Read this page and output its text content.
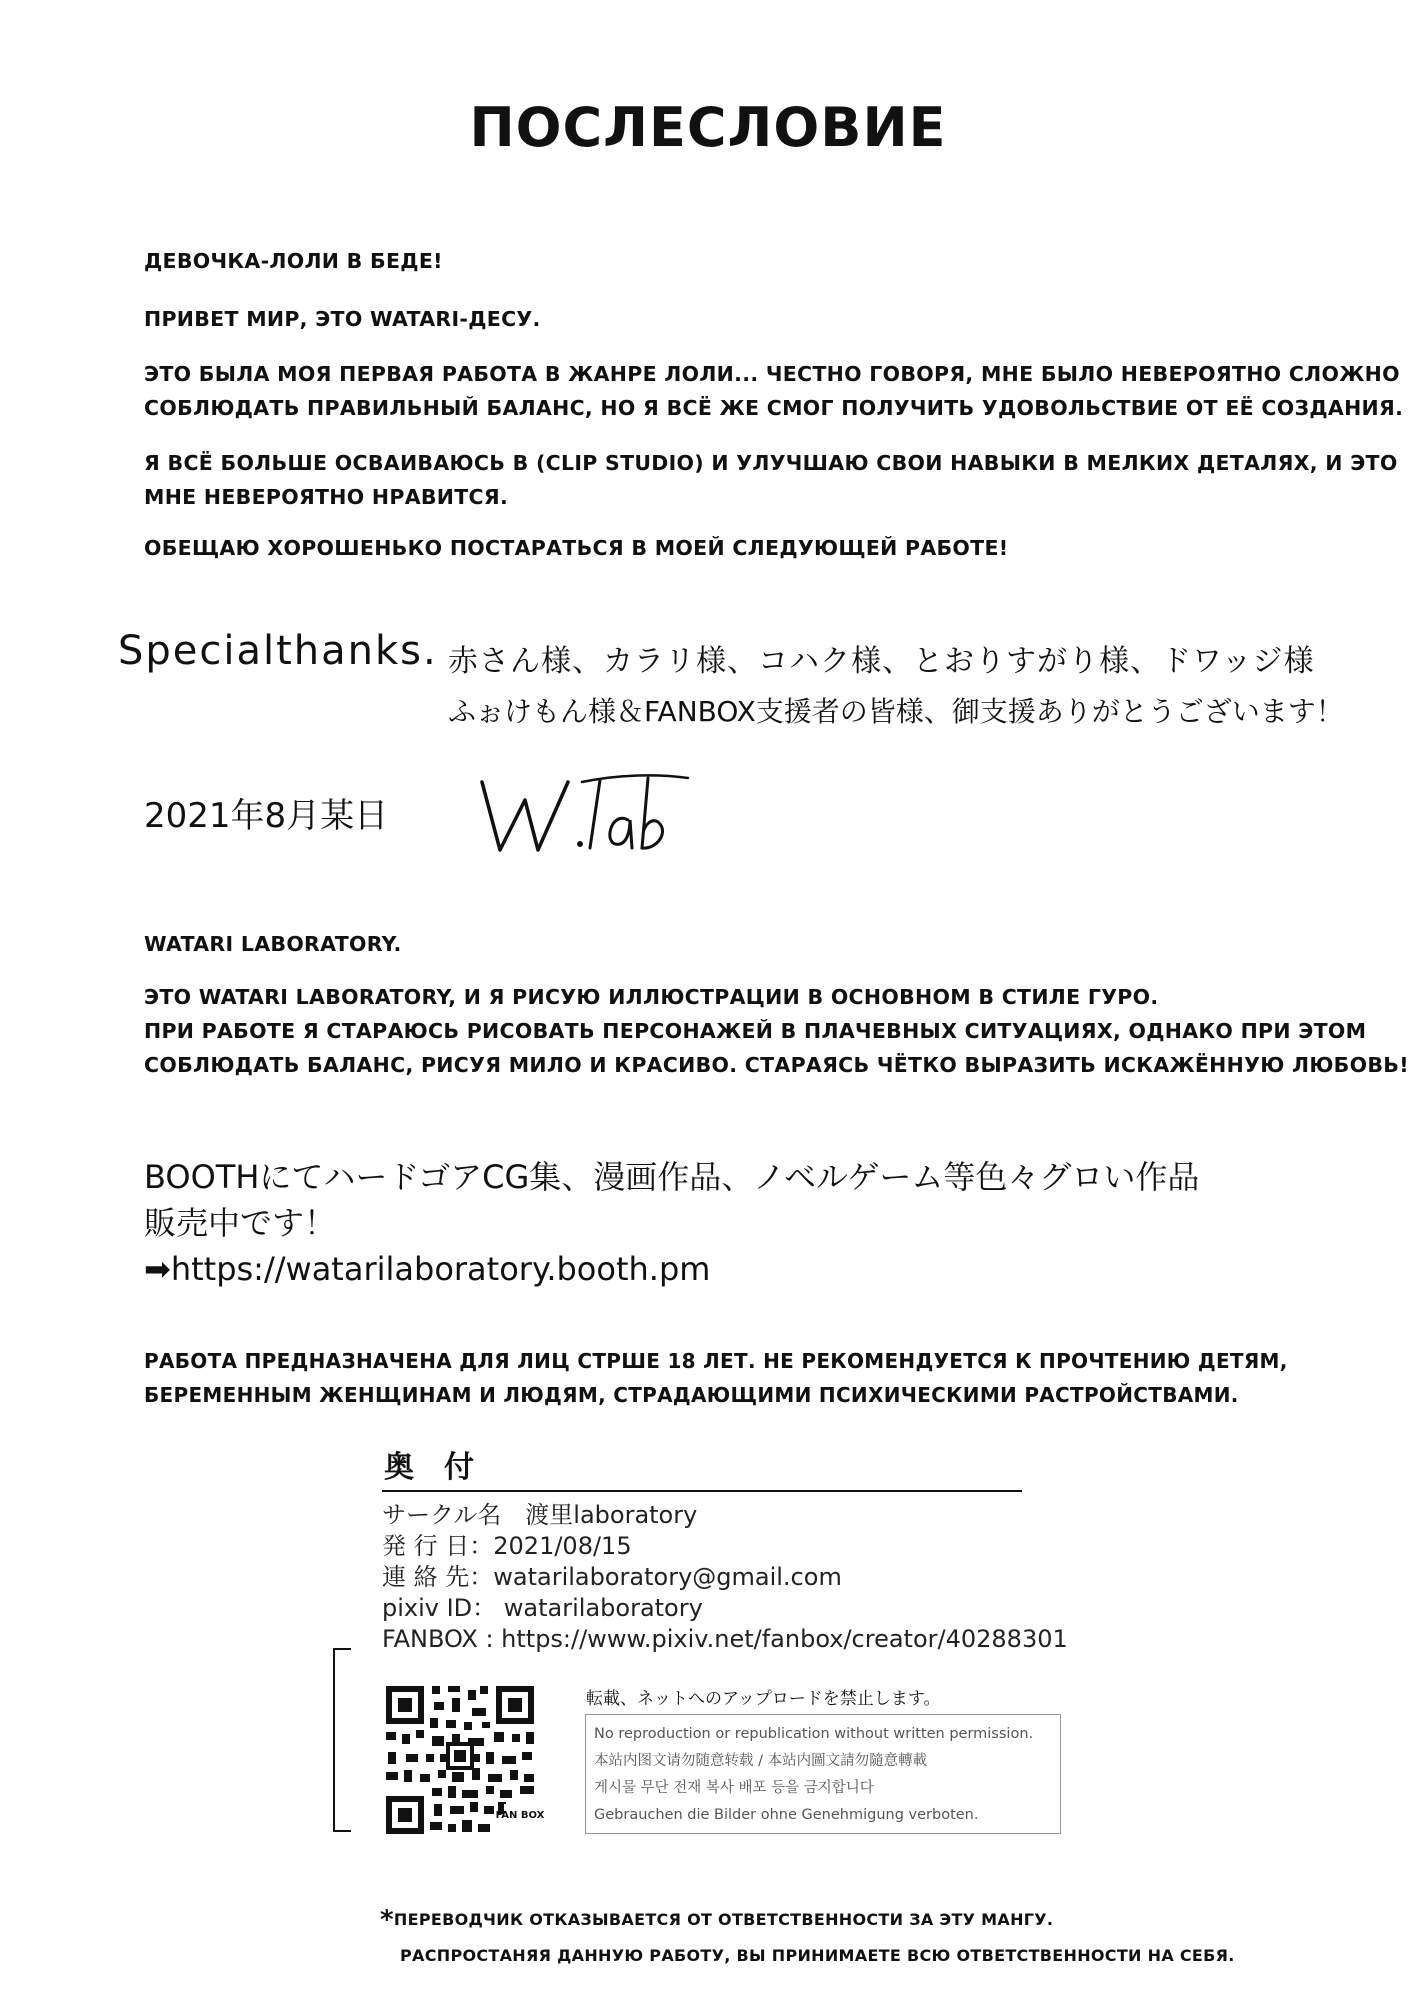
ПОСЛЕСЛОВИЕ
ДЕВОЧКА-ЛОЛИ В БЕДЕ!
ПРИВЕТ МИР, ЭТО WATARI-ДЕСУ.
ЭТО БЫЛА МОЯ ПЕРВАЯ РАБОТА В ЖАНРЕ ЛОЛИ... ЧЕСТНО ГОВОРЯ, МНЕ БЫЛО НЕВЕРОЯТНО СЛОЖНО
СОБЛЮДАТЬ ПРАВИЛЬНЫЙ БАЛАНС, НО Я ВСЁ ЖЕ СМОГ ПОЛУЧИТЬ УДОВОЛЬСТВИЕ ОТ ЕЁ СОЗДАНИЯ.
Я ВСЁ БОЛЬШЕ ОСВАИВАЮСЬ В (CLIP STUDIO) И УЛУЧШАЮ СВОИ НАВЫКИ В МЕЛКИХ ДЕТАЛЯХ, И ЭТО
МНЕ НЕВЕРОЯТНО НРАВИТСЯ.
ОБЕЩАЮ ХОРОШЕНЬКО ПОСТАРАТЬСЯ В МОЕЙ СЛЕДУЮЩЕЙ РАБОТЕ!
Specialthanks. 赤さん様、カラリ様、コハク様、とおりすがり様、ドワッジ様
ふぉけもん様＆FANBOX支援者の皆様、御支援ありがとうございます！
2021年8月某日
WATARI LABORATORY.
ЭТО WATARI LABORATORY, И Я РИСУЮ ИЛЛЮСТРАЦИИ В ОСНОВНОМ В СТИЛЕ ГУРО.
ПРИ РАБОТЕ Я СТАРАЮСЬ РИСОВАТЬ ПЕРСОНАЖЕЙ В ПЛАЧЕВНЫХ СИТУАЦИЯХ, ОДНАКО ПРИ ЭТОМ
СОБЛЮДАТЬ БАЛАНС, РИСУЯ МИЛО И КРАСИВО. СТАРАЯСЬ ЧЁТКО ВЫРАЗИТЬ ИСКАЖЁННУЮ ЛЮБОВЬ!
BOOTHにてハードゴアCG集、漫画作品、ノベルゲーム等色々グロい作品
販売中です！
➡https://watarilaboratory.booth.pm
РАБОТА ПРЕДНАЗНАЧЕНА ДЛЯ ЛИЦ СТРШЕ 18 ЛЕТ. НЕ РЕКОМЕНДУЕТСЯ К ПРОЧТЕНИЮ ДЕТЯМ,
БЕРЕМЕННЫМ ЖЕНЩИНАМ И ЛЮДЯМ, СТРАДАЮЩИМИ ПСИХИЧЕСКИМИ РАСТРОЙСТВАМИ.
奥付
サークル名　渡里laboratory
発 行 日：2021/08/15
連 絡 先：watarilaboratory@gmail.com
pixiv ID： watarilaboratory
FANBOX : https://www.pixiv.net/fanbox/creator/40288301
FAN BOX
転載、ネットへのアップロードを禁止します。
No reproduction or republication without written permission.
本站内图文请勿随意转载 / 本站内圖文請勿隨意轉載
게시물 무단 전재 복사 배포 등을 금지합니다
Gebrauchen die Bilder ohne Genehmigung verboten.
*ПЕРЕВОДЧИК ОТКАЗЫВАЕТСЯ ОТ ОТВЕТСТВЕННОСТИ ЗА ЭТУ МАНГУ.
РАСПРОСТАНЯЯ ДАННУЮ РАБОТУ, ВЫ ПРИНИМАЕТЕ ВСЮ ОТВЕТСТВЕННОСТИ НА СЕБЯ.
